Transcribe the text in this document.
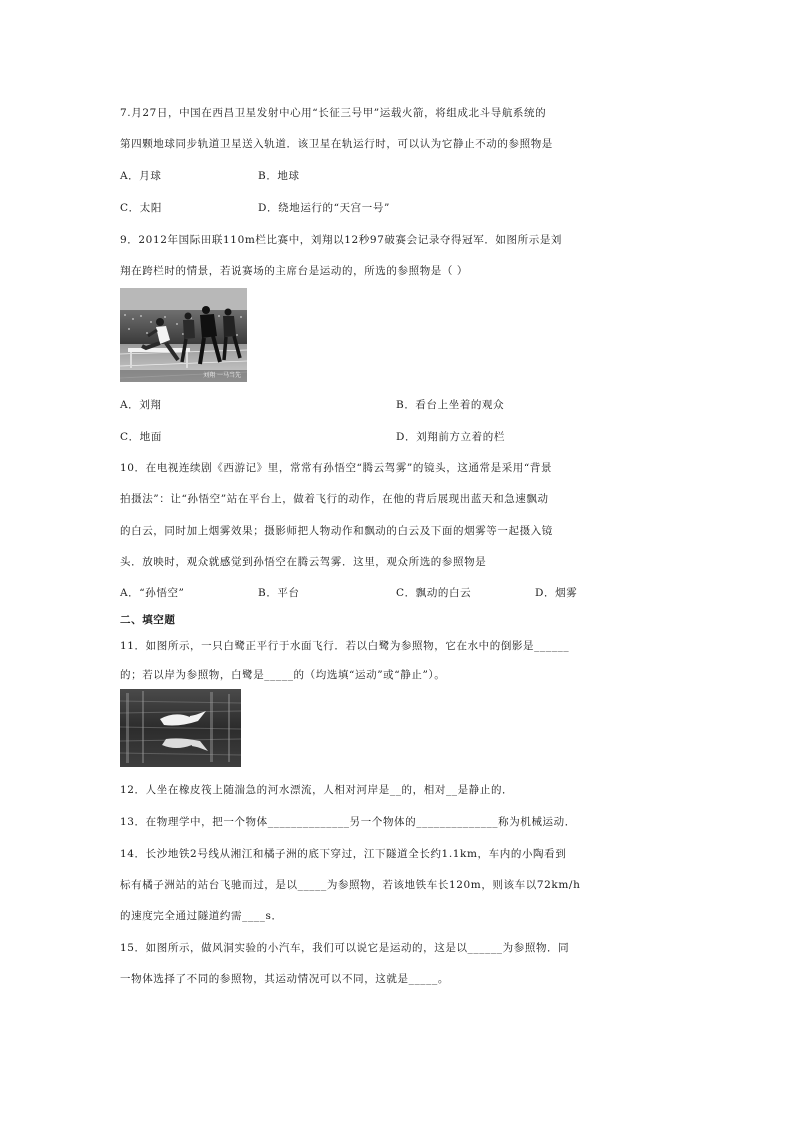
7.月27日，中国在西昌卫星发射中心用“长征三号甲”运载火箭，将组成北斗导航系统的
第四颗地球同步轨道卫星送入轨道．该卫星在轨运行时，可以认为它静止不动的参照物是
A．月球	B．地球
C．太阳	D．绕地运行的“天宫一号”
9．2012年国际田联110m栏比赛中，刘翔以12秒97破赛会记录夺得冠军．如图所示是刘
翔在跨栏时的情景，若说赛场的主席台是运动的，所选的参照物是（ ）
刘翔 一马当先
A．刘翔	B．看台上坐着的观众
C．地面	D．刘翔前方立着的栏
10．在电视连续剧《西游记》里，常常有孙悟空“腾云驾雾”的镜头，这通常是采用“背景
拍摄法”：让“孙悟空”站在平台上，做着飞行的动作，在他的背后展现出蓝天和急速飘动
的白云，同时加上烟雾效果；摄影师把人物动作和飘动的白云及下面的烟雾等一起摄入镜
头．放映时，观众就感觉到孙悟空在腾云驾雾．这里，观众所选的参照物是
A．“孙悟空”	B．平台	C．飘动的白云	D．烟雾
二、填空题
11．如图所示，一只白鹭正平行于水面飞行．若以白鹭为参照物，它在水中的倒影是______
的；若以岸为参照物，白鹭是_____的（均选填“运动”或“静止”）。
12．人坐在橡皮筏上随湍急的河水漂流，人相对河岸是__的，相对__是静止的．
13．在物理学中，把一个物体______________另一个物体的______________称为机械运动．
14．长沙地铁2号线从湘江和橘子洲的底下穿过，江下隧道全长约1.1km，车内的小陶看到
标有橘子洲站的站台飞驰而过，是以_____为参照物，若该地铁车长120m，则该车以72km/h
的速度完全通过隧道约需____s．
15．如图所示，做风洞实验的小汽车，我们可以说它是运动的，这是以______为参照物．同
一物体选择了不同的参照物，其运动情况可以不同，这就是_____。
